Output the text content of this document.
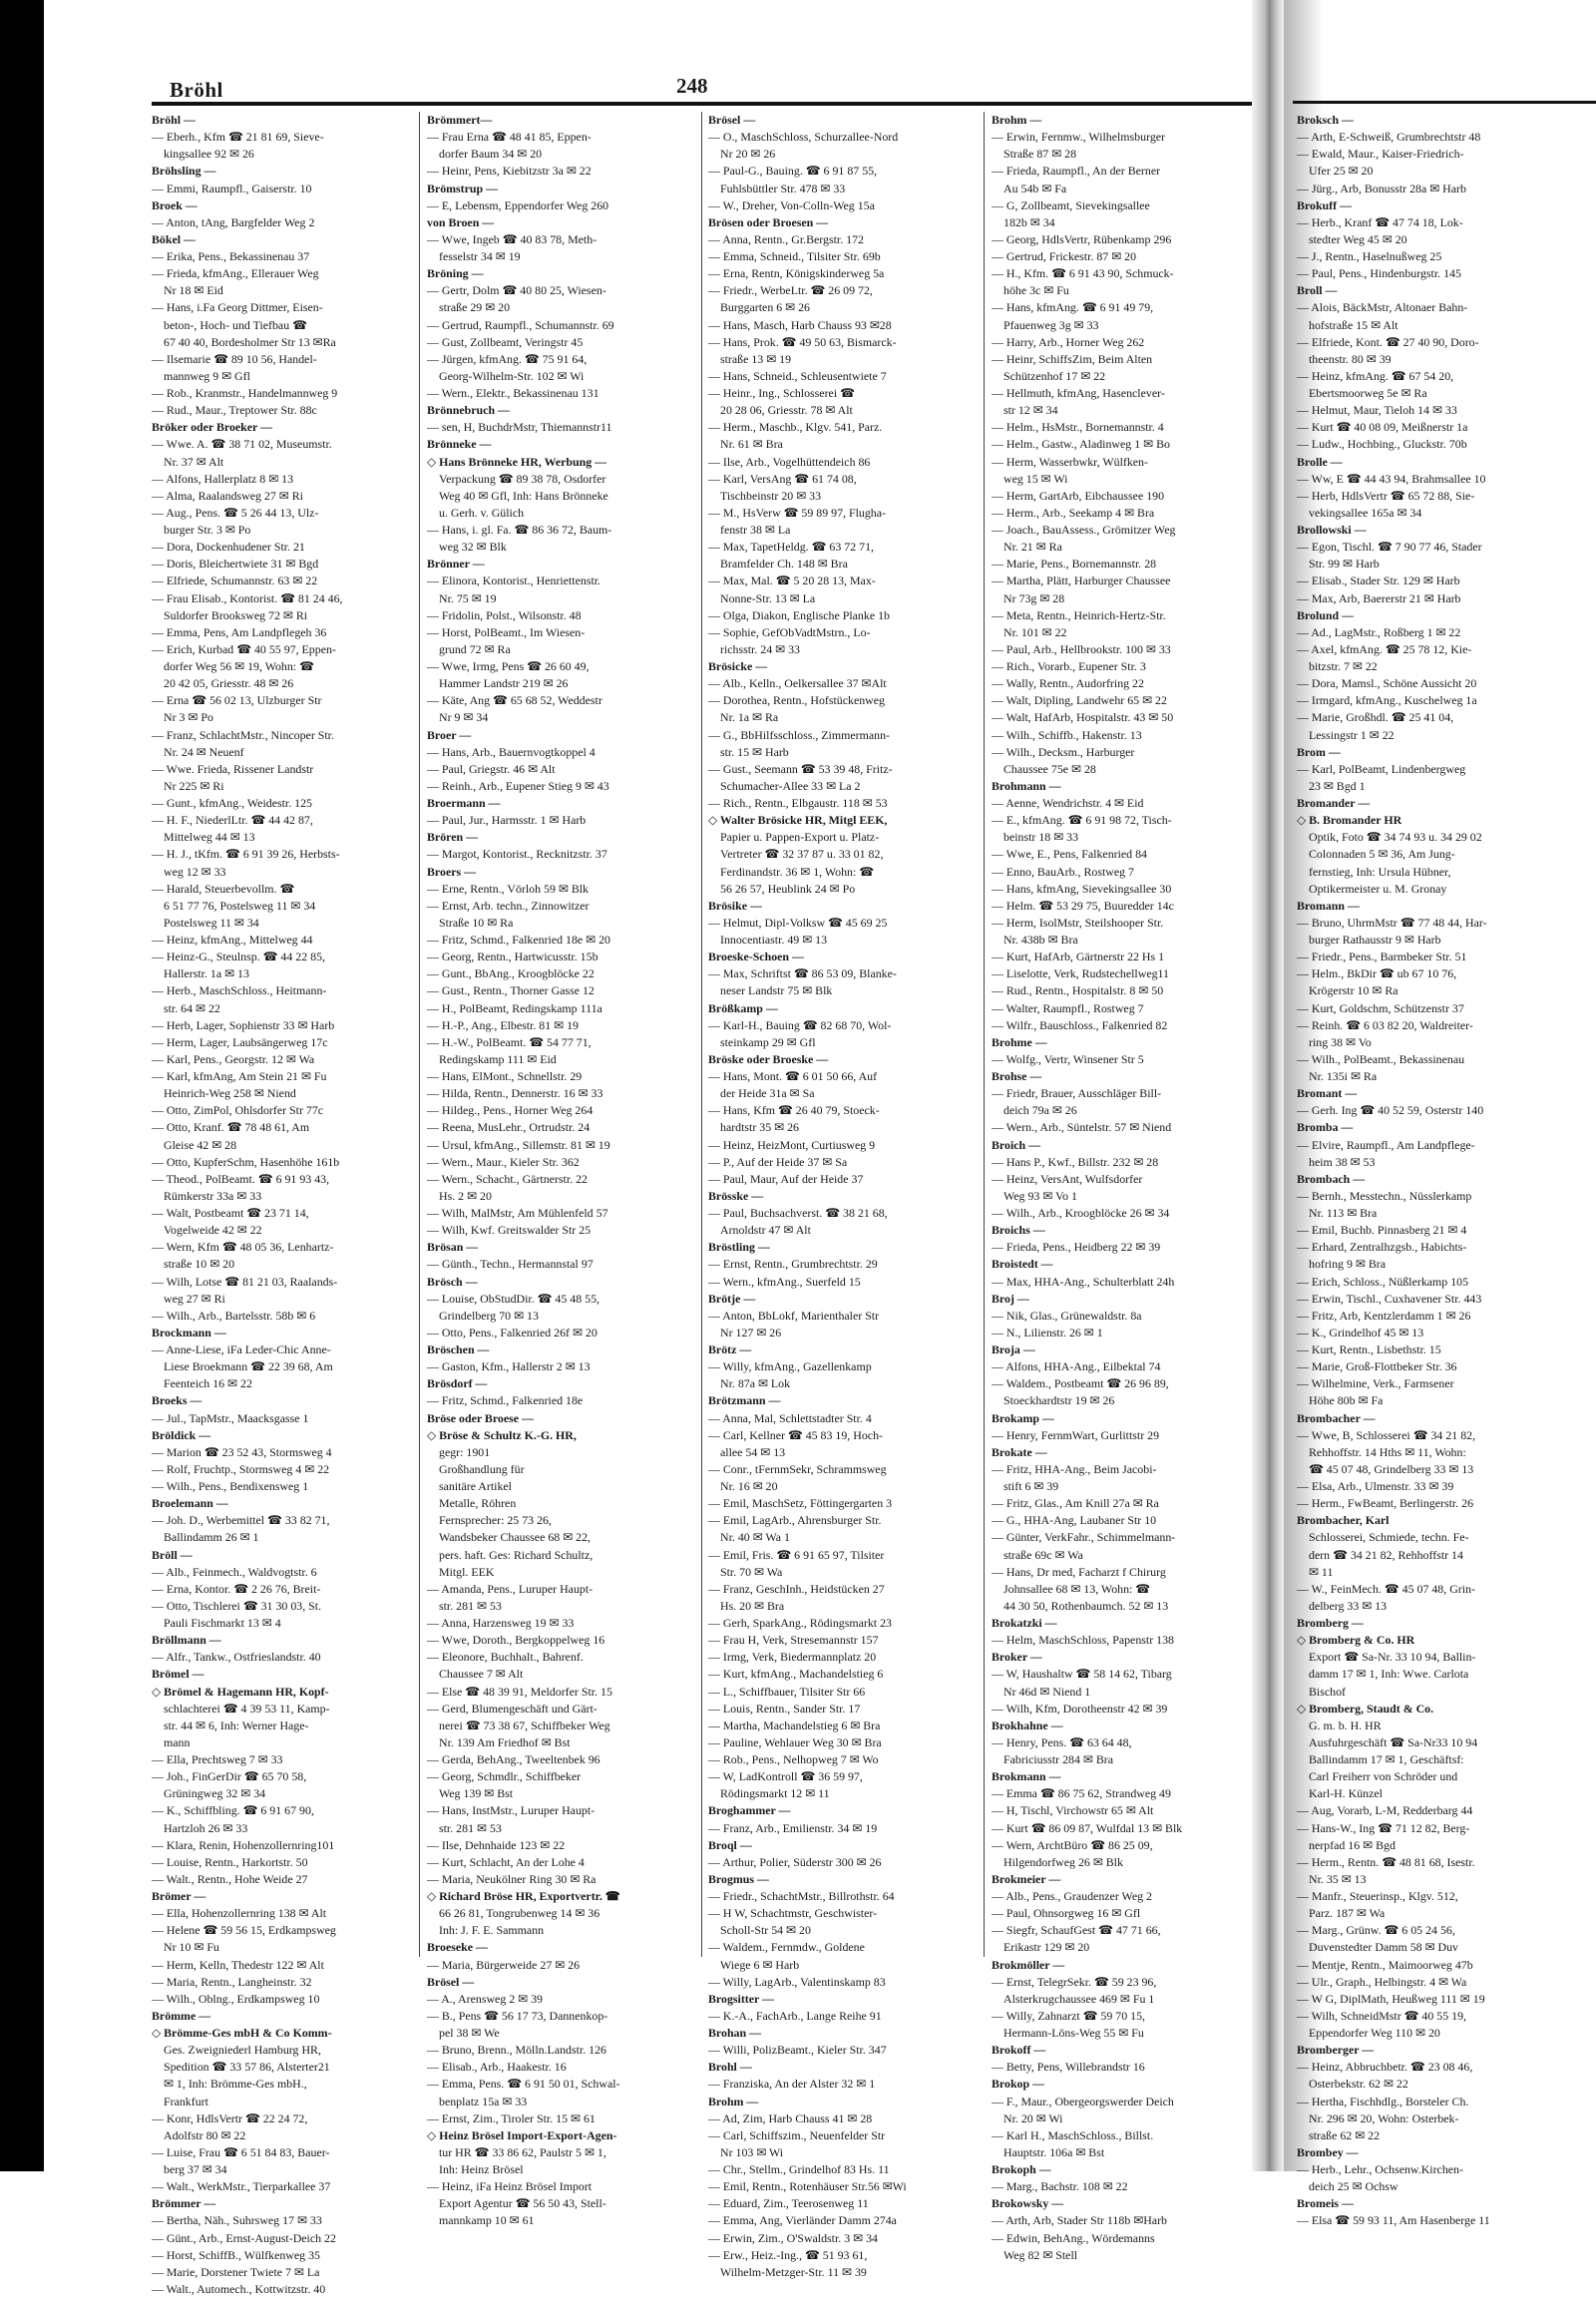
Bröhl	248
Bröhl —
— Eberh., Kfm ☎ 21 81 69, Sieve-
kingsallee 92 ✉ 26
Bröhsling —
— Emmi, Raumpfl., Gaiserstr. 10
Broek —
— Anton, tAng, Bargfelder Weg 2
Bökel —
— Erika, Pens., Bekassinenau 37
— Frieda, kfmAng., Ellerauer Weg
Nr 18 ✉ Eid
— Hans, i.Fa Georg Dittmer, Eisen-
beton-, Hoch- und Tiefbau ☎
67 40 40, Bordesholmer Str 13 ✉Ra
— Ilsemarie ☎ 89 10 56, Handel-
mannweg 9 ✉ Gfl
— Rob., Kranmstr., Handelmannweg 9
— Rud., Maur., Treptower Str. 88c
Bröker oder Broeker —
— Wwe. A. ☎ 38 71 02, Museumstr.
Nr. 37 ✉ Alt
— Alfons, Hallerplatz 8 ✉ 13
— Alma, Raalandsweg 27 ✉ Ri
— Aug., Pens. ☎ 5 26 44 13, Ulz-
burger Str. 3 ✉ Po
— Dora, Dockenhudener Str. 21
— Doris, Bleichertwiete 31 ✉ Bgd
— Elfriede, Schumannstr. 63 ✉ 22
— Frau Elisab., Kontorist. ☎ 81 24 46,
Suldorfer Brooksweg 72 ✉ Ri
— Emma, Pens, Am Landpflegeh 36
— Erich, Kurbad ☎ 40 55 97, Eppen-
dorfer Weg 56 ✉ 19, Wohn: ☎
20 42 05, Griesstr. 48 ✉ 26
— Erna ☎ 56 02 13, Ulzburger Str
Nr 3 ✉ Po
— Franz, SchlachtMstr., Nincoper Str.
Nr. 24 ✉ Neuenf
— Wwe. Frieda, Rissener Landstr
Nr 225 ✉ Ri
— Gunt., kfmAng., Weidestr. 125
— H. F., NiederlLtr. ☎ 44 42 87,
Mittelweg 44 ✉ 13
— H. J., tKfm. ☎ 6 91 39 26, Herbsts-
weg 12 ✉ 33
— Harald, Steuerbevollm. ☎
6 51 77 76, Postelsweg 11 ✉ 34
Postelsweg 11 ✉ 34
— Heinz, kfmAng., Mittelweg 44
— Heinz-G., Steulnsp. ☎ 44 22 85,
Hallerstr. 1a ✉ 13
— Herb., MaschSchloss., Heitmann-
str. 64 ✉ 22
— Herb, Lager, Sophienstr 33 ✉ Harb
— Herm, Lager, Laubsängerweg 17c
— Karl, Pens., Georgstr. 12 ✉ Wa
— Karl, kfmAng, Am Stein 21 ✉ Fu
Heinrich-Weg 258 ✉ Niend
— Otto, ZimPol, Ohlsdorfer Str 77c
— Otto, Kranf. ☎ 78 48 61, Am
Gleise 42 ✉ 28
— Otto, KupferSchm, Hasenhöhe 161b
— Theod., PolBeamt. ☎ 6 91 93 43,
Rümkerstr 33a ✉ 33
— Walt, Postbeamt ☎ 23 71 14,
Vogelweide 42 ✉ 22
— Wern, Kfm ☎ 48 05 36, Lenhartz-
straße 10 ✉ 20
— Wilh, Lotse ☎ 81 21 03, Raalands-
weg 27 ✉ Ri
— Wilh., Arb., Bartelsstr. 58b ✉ 6
Brockmann —
— Anne-Liese, iFa Leder-Chic Anne-
Liese Broekmann ☎ 22 39 68, Am
Feenteich 16 ✉ 22
Broeks —
— Jul., TapMstr., Maacksgasse 1
Bröldick —
— Marion ☎ 23 52 43, Stormsweg 4
— Rolf, Fruchtp., Stormsweg 4 ✉ 22
— Wilh., Pens., Bendixensweg 1
Broelemann —
— Joh. D., Werbemittel ☎ 33 82 71,
Ballindamm 26 ✉ 1
Bröll —
— Alb., Feinmech., Waldvogtstr. 6
— Erna, Kontor. ☎ 2 26 76, Breit-
— Otto, Tischlerei ☎ 31 30 03, St.
Pauli Fischmarkt 13 ✉ 4
Bröllmann —
— Alfr., Tankw., Ostfrieslandstr. 40
Brömel —
◇ Brömel & Hagemann HR, Kopf-
schlachterei ☎ 4 39 53 11, Kamp-
str. 44 ✉ 6, Inh: Werner Hage-
mann
— Ella, Prechtsweg 7 ✉ 33
— Joh., FinGerDir ☎ 65 70 58,
Grüningweg 32 ✉ 34
— K., Schiffbling. ☎ 6 91 67 90,
Hartzloh 26 ✉ 33
— Klara, Renin, Hohenzollernring101
— Louise, Rentn., Harkortstr. 50
— Walt., Rentn., Hohe Weide 27
Brömer —
— Ella, Hohenzollernring 138 ✉ Alt
— Helene ☎ 59 56 15, Erdkampsweg
Nr 10 ✉ Fu
— Herm, Kelln, Thedestr 122 ✉ Alt
— Maria, Rentn., Langheinstr. 32
— Wilh., Oblng., Erdkampsweg 10
Brömme —
◇ Brömme-Ges mbH & Co Komm-
Ges. Zweigniederl Hamburg HR,
Spedition ☎ 33 57 86, Alsterter21
✉ 1, Inh: Brömme-Ges mbH.,
Frankfurt
— Konr, HdlsVertr ☎ 22 24 72,
Adolfstr 80 ✉ 22
— Luise, Frau ☎ 6 51 84 83, Bauer-
berg 37 ✉ 34
— Walt., WerkMstr., Tierparkallee 37
Brömmer —
— Bertha, Näh., Suhrsweg 17 ✉ 33
— Günt., Arb., Ernst-August-Deich 22
— Horst, SchiffB., Wülfkenweg 35
— Marie, Dorstener Twiete 7 ✉ La
— Walt., Automech., Kottwitzstr. 40
Brömmert—
— Frau Erna ☎ 48 41 85, Eppen-
dorfer Baum 34 ✉ 20
— Heinr, Pens, Kiebitzstr 3a ✉ 22
Brömstrup —
— E, Lebensm, Eppendorfer Weg 260
von Broen —
— Wwe, Ingeb ☎ 40 83 78, Meth-
fesselstr 34 ✉ 19
Bröning —
— Gertr, Dolm ☎ 40 80 25, Wiesen-
straße 29 ✉ 20
— Gertrud, Raumpfl., Schumannstr. 69
— Gust, Zollbeamt, Veringstr 45
— Jürgen, kfmAng. ☎ 75 91 64,
Georg-Wilhelm-Str. 102 ✉ Wi
— Wern., Elektr., Bekassinenau 131
Brönnebruch —
— sen, H, BuchdrMstr, Thiemannstr11
Brönneke —
◇ Hans Brönneke HR, Werbung —
Verpackung ☎ 89 38 78, Osdorfer
Weg 40 ✉ Gfl, Inh: Hans Brönneke
u. Gerh. v. Gülich
— Hans, i. gl. Fa. ☎ 86 36 72, Baum-
weg 32 ✉ Blk
Brönner —
— Elinora, Kontorist., Henriettenstr.
Nr. 75 ✉ 19
— Fridolin, Polst., Wilsonstr. 48
— Horst, PolBeamt., Im Wiesen-
grund 72 ✉ Ra
— Wwe, Irmg, Pens ☎ 26 60 49,
Hammer Landstr 219 ✉ 26
— Käte, Ang ☎ 65 68 52, Weddestr
Nr 9 ✉ 34
Broer —
— Hans, Arb., Bauernvogtkoppel 4
— Paul, Griegstr. 46 ✉ Alt
— Reinh., Arb., Eupener Stieg 9 ✉ 43
Broermann —
— Paul, Jur., Harmsstr. 1 ✉ Harb
Brören —
— Margot, Kontorist., Recknitzstr. 37
Broers —
— Erne, Rentn., Vörloh 59 ✉ Blk
— Ernst, Arb. techn., Zinnowitzer
Straße 10 ✉ Ra
— Fritz, Schmd., Falkenried 18e ✉ 20
— Georg, Rentn., Hartwicusstr. 15b
— Gunt., BbAng., Kroogblöcke 22
— Gust., Rentn., Thorner Gasse 12
— H., PolBeamt, Redingskamp 111a
— H.-P., Ang., Elbestr. 81 ✉ 19
— H.-W., PolBeamt. ☎ 54 77 71,
Redingskamp 111 ✉ Eid
— Hans, ElMont., Schnellstr. 29
— Hilda, Rentn., Dennerstr. 16 ✉ 33
— Hildeg., Pens., Horner Weg 264
— Reena, MusLehr., Ortrudstr. 24
— Ursul, kfmAng., Sillemstr. 81 ✉ 19
— Wern., Maur., Kieler Str. 362
— Wern., Schacht., Gärtnerstr. 22
Hs. 2 ✉ 20
— Wilh, MalMstr, Am Mühlenfeld 57
— Wilh, Kwf. Greitswalder Str 25
Brösan —
— Günth., Techn., Hermannstal 97
Brösch —
— Louise, ObStudDir. ☎ 45 48 55,
Grindelberg 70 ✉ 13
— Otto, Pens., Falkenried 26f ✉ 20
Bröschen —
— Gaston, Kfm., Hallerstr 2 ✉ 13
Brösdorf —
— Fritz, Schmd., Falkenried 18e
Bröse oder Broese —
◇ Bröse & Schultz K.-G. HR,
gegr: 1901
Großhandlung für
sanitäre Artikel
Metalle, Röhren
Fernsprecher: 25 73 26,
Wandsbeker Chaussee 68 ✉ 22,
pers. haft. Ges: Richard Schultz,
Mitgl. EEK
— Amanda, Pens., Luruper Haupt-
str. 281 ✉ 53
— Anna, Harzensweg 19 ✉ 33
— Wwe, Doroth., Bergkoppelweg 16
— Eleonore, Buchhalt., Bahrenf.
Chaussee 7 ✉ Alt
— Else ☎ 48 39 91, Meldorfer Str. 15
— Gerd, Blumengeschäft und Gärt-
nerei ☎ 73 38 67, Schiffbeker Weg
Nr. 139 Am Friedhof ✉ Bst
— Gerda, BehAng., Tweeltenbek 96
— Georg, Schmdlr., Schiffbeker
Weg 139 ✉ Bst
— Hans, InstMstr., Luruper Haupt-
str. 281 ✉ 53
— Ilse, Dehnhaide 123 ✉ 22
— Kurt, Schlacht, An der Lohe 4
— Maria, Neukölner Ring 30 ✉ Ra
◇ Richard Bröse HR, Exportvertr. ☎
66 26 81, Tongrubenweg 14 ✉ 36
Inh: J. F. E. Sammann
Broeseke —
— Maria, Bürgerweide 27 ✉ 26
Brösel —
— A., Arensweg 2 ✉ 39
— B., Pens ☎ 56 17 73, Dannenkop-
pel 38 ✉ We
— Bruno, Brenn., Mölln.Landstr. 126
— Elisab., Arb., Haakestr. 16
— Emma, Pens. ☎ 6 91 50 01, Schwal-
benplatz 15a ✉ 33
— Ernst, Zim., Tiroler Str. 15 ✉ 61
◇ Heinz Brösel Import-Export-Agen-
tur HR ☎ 33 86 62, Paulstr 5 ✉ 1,
Inh: Heinz Brösel
— Heinz, iFa Heinz Brösel Import
Export Agentur ☎ 56 50 43, Stell-
mannkamp 10 ✉ 61
Brösel —
— O., MaschSchloss, Schurzallee-Nord
Nr 20 ✉ 26
— Paul-G., Bauing. ☎ 6 91 87 55,
Fuhlsbüttler Str. 478 ✉ 33
— W., Dreher, Von-Colln-Weg 15a
Brösen oder Broesen —
— Anna, Rentn., Gr.Bergstr. 172
— Emma, Schneid., Tilsiter Str. 69b
— Erna, Rentn, Königskinderweg 5a
— Friedr., WerbeLtr. ☎ 26 09 72,
Burggarten 6 ✉ 26
— Hans, Masch, Harb Chauss 93 ✉28
— Hans, Prok. ☎ 49 50 63, Bismarck-
straße 13 ✉ 19
— Hans, Schneid., Schleusentwiete 7
— Heinr., Ing., Schlosserei ☎
20 28 06, Griesstr. 78 ✉ Alt
— Herm., Maschb., Klgv. 541, Parz.
Nr. 61 ✉ Bra
— Ilse, Arb., Vogelhüttendeich 86
— Karl, VersAng ☎ 61 74 08,
Tischbeinstr 20 ✉ 33
— M., HsVerw ☎ 59 89 97, Flugha-
fenstr 38 ✉ La
— Max, TapetHeldg. ☎ 63 72 71,
Bramfelder Ch. 148 ✉ Bra
— Max, Mal. ☎ 5 20 28 13, Max-
Nonne-Str. 13 ✉ La
— Olga, Diakon, Englische Planke 1b
— Sophie, GefObVadtMstrn., Lo-
richsstr. 24 ✉ 33
Brösicke —
— Alb., Kelln., Oelkersallee 37 ✉Alt
— Dorothea, Rentn., Hofstückenweg
Nr. 1a ✉ Ra
— G., BbHilfsschloss., Zimmermann-
str. 15 ✉ Harb
— Gust., Seemann ☎ 53 39 48, Fritz-
Schumacher-Allee 33 ✉ La 2
— Rich., Rentn., Elbgaustr. 118 ✉ 53
◇ Walter Brösicke HR, Mitgl EEK,
Papier u. Pappen-Export u. Platz-
Vertreter ☎ 32 37 87 u. 33 01 82,
Ferdinandstr. 36 ✉ 1, Wohn: ☎
56 26 57, Heublink 24 ✉ Po
Brösike —
— Helmut, Dipl-Volksw ☎ 45 69 25
Innocentiastr. 49 ✉ 13
Broeske-Schoen —
— Max, Schriftst ☎ 86 53 09, Blanke-
neser Landstr 75 ✉ Blk
Brößkamp —
— Karl-H., Bauing ☎ 82 68 70, Wol-
steinkamp 29 ✉ Gfl
Bröske oder Broeske —
— Hans, Mont. ☎ 6 01 50 66, Auf
der Heide 31a ✉ Sa
— Hans, Kfm ☎ 26 40 79, Stoeck-
hardtstr 35 ✉ 26
— Heinz, HeizMont, Curtiusweg 9
— P., Auf der Heide 37 ✉ Sa
— Paul, Maur, Auf der Heide 37
Brösske —
— Paul, Buchsachverst. ☎ 38 21 68,
Arnoldstr 47 ✉ Alt
Bröstling —
— Ernst, Rentn., Grumbrechtstr. 29
— Wern., kfmAng., Suerfeld 15
Brötje —
— Anton, BbLokf, Marienthaler Str
Nr 127 ✉ 26
Brötz —
— Willy, kfmAng., Gazellenkamp
Nr. 87a ✉ Lok
Brötzmann —
— Anna, Mal, Schlettstadter Str. 4
— Carl, Kellner ☎ 45 83 19, Hoch-
allee 54 ✉ 13
— Conr., tFernmSekr, Schrammsweg
Nr. 16 ✉ 20
— Emil, MaschSetz, Föttingergarten 3
— Emil, LagArb., Ahrensburger Str.
Nr. 40 ✉ Wa 1
— Emil, Fris. ☎ 6 91 65 97, Tilsiter
Str. 70 ✉ Wa
— Franz, GeschInh., Heidstücken 27
Hs. 20 ✉ Bra
— Gerh, SparkAng., Rödingsmarkt 23
— Frau H, Verk, Stresemannstr 157
— Irmg, Verk, Biedermannplatz 20
— Kurt, kfmAng., Machandelstieg 6
— L., Schiffbauer, Tilsiter Str 66
— Louis, Rentn., Sander Str. 17
— Martha, Machandelstieg 6 ✉ Bra
— Pauline, Wehlauer Weg 30 ✉ Bra
— Rob., Pens., Nelhopweg 7 ✉ Wo
— W, LadKontroll ☎ 36 59 97,
Rödingsmarkt 12 ✉ 11
Broghammer —
— Franz, Arb., Emilienstr. 34 ✉ 19
Broql —
— Arthur, Polier, Süderstr 300 ✉ 26
Brogmus —
— Friedr., SchachtMstr., Billrothstr. 64
— H W, Schachtmstr, Geschwister-
Scholl-Str 54 ✉ 20
— Waldem., Fernmdw., Goldene
Wiege 6 ✉ Harb
— Willy, LagArb., Valentinskamp 83
Brogsitter —
— K.-A., FachArb., Lange Reihe 91
Brohan —
— Willi, PolizBeamt., Kieler Str. 347
Brohl —
— Franziska, An der Alster 32 ✉ 1
Brohm —
— Ad, Zim, Harb Chauss 41 ✉ 28
— Carl, Schiffszim., Neuenfelder Str
Nr 103 ✉ Wi
— Chr., Stellm., Grindelhof 83 Hs. 11
— Emil, Rentn., Rotenhäuser Str.56 ✉Wi
— Eduard, Zim., Teerosenweg 11
— Emma, Ang, Vierländer Damm 274a
— Erwin, Zim., O'Swaldstr. 3 ✉ 34
— Erw., Heiz.-Ing., ☎ 51 93 61,
Wilhelm-Metzger-Str. 11 ✉ 39
Brohm —
— Erwin, Fernmw., Wilhelmsburger
Straße 87 ✉ 28
— Frieda, Raumpfl., An der Berner
Au 54b ✉ Fa
— G, Zollbeamt, Sievekingsallee
182b ✉ 34
— Georg, HdlsVertr, Rübenkamp 296
— Gertrud, Frickestr. 87 ✉ 20
— H., Kfm. ☎ 6 91 43 90, Schmuck-
höhe 3c ✉ Fu
— Hans, kfmAng. ☎ 6 91 49 79,
Pfauenweg 3g ✉ 33
— Harry, Arb., Horner Weg 262
— Heinr, SchiffsZim, Beim Alten
Schützenhof 17 ✉ 22
— Hellmuth, kfmAng, Hasenclever-
str 12 ✉ 34
— Helm., HsMstr., Bornemannstr. 4
— Helm., Gastw., Aladinweg 1 ✉ Bo
— Herm, Wasserbwkr, Wülfken-
weg 15 ✉ Wi
— Herm, GartArb, Eibchaussee 190
— Herm., Arb., Seekamp 4 ✉ Bra
— Joach., BauAssess., Grömitzer Weg
Nr. 21 ✉ Ra
— Marie, Pens., Bornemannstr. 28
— Martha, Plätt, Harburger Chaussee
Nr 73g ✉ 28
— Meta, Rentn., Heinrich-Hertz-Str.
Nr. 101 ✉ 22
— Paul, Arb., Hellbrookstr. 100 ✉ 33
— Rich., Vorarb., Eupener Str. 3
— Wally, Rentn., Audorfring 22
— Walt, Dipling, Landwehr 65 ✉ 22
— Walt, HafArb, Hospitalstr. 43 ✉ 50
— Wilh., Schiffb., Hakenstr. 13
— Wilh., Decksm., Harburger
Chaussee 75e ✉ 28
Brohmann —
— Aenne, Wendrichstr. 4 ✉ Eid
— E., kfmAng. ☎ 6 91 98 72, Tisch-
beinstr 18 ✉ 33
— Wwe, E., Pens, Falkenried 84
— Enno, BauArb., Rostweg 7
— Hans, kfmAng, Sievekingsallee 30
— Helm. ☎ 53 29 75, Buuredder 14c
— Herm, IsolMstr, Steilshooper Str.
Nr. 438b ✉ Bra
— Kurt, HafArb, Gärtnerstr 22 Hs 1
— Liselotte, Verk, Rudstechellweg11
— Rud., Rentn., Hospitalstr. 8 ✉ 50
— Walter, Raumpfl., Rostweg 7
— Wilfr., Bauschloss., Falkenried 82
Brohme —
— Wolfg., Vertr, Winsener Str 5
Brohse —
— Friedr, Brauer, Ausschläger Bill-
deich 79a ✉ 26
— Wern., Arb., Süntelstr. 57 ✉ Niend
Broich —
— Hans P., Kwf., Billstr. 232 ✉ 28
— Heinz, VersAnt, Wulfsdorfer
Weg 93 ✉ Vo 1
— Wilh., Arb., Kroogblöcke 26 ✉ 34
Broichs —
— Frieda, Pens., Heidberg 22 ✉ 39
Broistedt —
— Max, HHA-Ang., Schulterblatt 24h
Broj —
— Nik, Glas., Grünewaldstr. 8a
— N., Lilienstr. 26 ✉ 1
Broja —
— Alfons, HHA-Ang., Eilbektal 74
— Waldem., Postbeamt ☎ 26 96 89,
Stoeckhardtstr 19 ✉ 26
Brokamp —
— Henry, FernmWart, Gurlittstr 29
Brokate —
— Fritz, HHA-Ang., Beim Jacobi-
stift 6 ✉ 39
— Fritz, Glas., Am Knill 27a ✉ Ra
— G., HHA-Ang, Laubaner Str 10
— Günter, VerkFahr., Schimmelmann-
straße 69c ✉ Wa
— Hans, Dr med, Facharzt f Chirurg
Johnsallee 68 ✉ 13, Wohn: ☎
44 30 50, Rothenbaumch. 52 ✉ 13
Brokatzki —
— Helm, MaschSchloss, Papenstr 138
Broker —
— W, Haushaltw ☎ 58 14 62, Tibarg
Nr 46d ✉ Niend 1
— Wilh, Kfm, Dorotheenstr 42 ✉ 39
Brokhahne —
— Henry, Pens. ☎ 63 64 48,
Fabriciusstr 284 ✉ Bra
Brokmann —
— Emma ☎ 86 75 62, Strandweg 49
— H, Tischl, Virchowstr 65 ✉ Alt
— Kurt ☎ 86 09 87, Wulfdal 13 ✉ Blk
— Wern, ArchtBüro ☎ 86 25 09,
Hilgendorfweg 26 ✉ Blk
Brokmeier —
— Alb., Pens., Graudenzer Weg 2
— Paul, Ohnsorgweg 16 ✉ Gfl
— Siegfr, SchaufGest ☎ 47 71 66,
Erikastr 129 ✉ 20
Brokmöller —
— Ernst, TelegrSekr. ☎ 59 23 96,
Alsterkrugchaussee 469 ✉ Fu 1
— Willy, Zahnarzt ☎ 59 70 15,
Hermann-Löns-Weg 55 ✉ Fu
Brokoff —
— Betty, Pens, Willebrandstr 16
Brokop —
— F., Maur., Obergeorgswerder Deich
Nr. 20 ✉ Wi
— Karl H., MaschSchloss., Billst.
Hauptstr. 106a ✉ Bst
Brokoph —
— Marg., Bachstr. 108 ✉ 22
Brokowsky —
— Arth, Arb, Stader Str 118b ✉Harb
— Edwin, BehAng., Wördemanns
Weg 82 ✉ Stell
Broksch —
— Arth, E-Schweiß, Grumbrechtstr 48
— Ewald, Maur., Kaiser-Friedrich-
Ufer 25 ✉ 20
— Jürg., Arb, Bonusstr 28a ✉ Harb
Brokuff —
— Herb., Kranf ☎ 47 74 18, Lok-
stedter Weg 45 ✉ 20
— J., Rentn., Haselnußweg 25
— Paul, Pens., Hindenburgstr. 145
Broll —
— Alois, BäckMstr, Altonaer Bahn-
hofstraße 15 ✉ Alt
— Elfriede, Kont. ☎ 27 40 90, Doro-
theenstr. 80 ✉ 39
— Heinz, kfmAng. ☎ 67 54 20,
Ebertsmoorweg 5e ✉ Ra
— Helmut, Maur, Tieloh 14 ✉ 33
— Kurt ☎ 40 08 09, Meißnerstr 1a
— Ludw., Hochbing., Gluckstr. 70b
Brolle —
— Ww, E ☎ 44 43 94, Brahmsallee 10
— Herb, HdlsVertr ☎ 65 72 88, Sie-
vekingsallee 165a ✉ 34
Brollowski —
— Egon, Tischl. ☎ 7 90 77 46, Stader
Str. 99 ✉ Harb
— Elisab., Stader Str. 129 ✉ Harb
— Max, Arb, Baererstr 21 ✉ Harb
Brolund —
— Ad., LagMstr., Roßberg 1 ✉ 22
— Axel, kfmAng. ☎ 25 78 12, Kie-
bitzstr. 7 ✉ 22
— Dora, Mamsl., Schöne Aussicht 20
— Irmgard, kfmAng., Kuschelweg 1a
— Marie, Großhdl. ☎ 25 41 04,
Lessingstr 1 ✉ 22
Brom —
— Karl, PolBeamt, Lindenbergweg
23 ✉ Bgd 1
Bromander —
◇ B. Bromander HR
Optik, Foto ☎ 34 74 93 u. 34 29 02
Colonnaden 5 ✉ 36, Am Jung-
fernstieg, Inh: Ursula Hübner,
Optikermeister u. M. Gronay
Bromann —
— Bruno, UhrmMstr ☎ 77 48 44, Har-
burger Rathausstr 9 ✉ Harb
— Friedr., Pens., Barmbeker Str. 51
— Helm., BkDir ☎ ub 67 10 76,
Krögerstr 10 ✉ Ra
— Kurt, Goldschm, Schützenstr 37
— Reinh. ☎ 6 03 82 20, Waldreiter-
ring 38 ✉ Vo
— Wilh., PolBeamt., Bekassinenau
Nr. 135i ✉ Ra
Bromant —
— Gerh. Ing ☎ 40 52 59, Osterstr 140
Bromba —
— Elvire, Raumpfl., Am Landpflege-
heim 38 ✉ 53
Brombach —
— Bernh., Messtechn., Nüsslerkamp
Nr. 113 ✉ Bra
— Emil, Buchb. Pinnasberg 21 ✉ 4
— Erhard, Zentralhzgsb., Habichts-
hofring 9 ✉ Bra
— Erich, Schloss., Nüßlerkamp 105
— Erwin, Tischl., Cuxhavener Str. 443
— Fritz, Arb, Kentzlerdamm 1 ✉ 26
— K., Grindelhof 45 ✉ 13
— Kurt, Rentn., Lisbethstr. 15
— Marie, Groß-Flottbeker Str. 36
— Wilhelmine, Verk., Farmsener
Höhe 80b ✉ Fa
Brombacher —
— Wwe, B, Schlosserei ☎ 34 21 82,
Rehhoffstr. 14 Hths ✉ 11, Wohn:
☎ 45 07 48, Grindelberg 33 ✉ 13
— Elsa, Arb., Ulmenstr. 33 ✉ 39
— Herm., FwBeamt, Berlingerstr. 26
Brombacher, Karl
Schlosserei, Schmiede, techn. Fe-
dern ☎ 34 21 82, Rehhoffstr 14
✉ 11
— W., FeinMech. ☎ 45 07 48, Grin-
delberg 33 ✉ 13
Bromberg —
◇ Bromberg & Co. HR
Export ☎ Sa-Nr. 33 10 94, Ballin-
damm 17 ✉ 1, Inh: Wwe. Carlota
Bischof
◇ Bromberg, Staudt & Co.
G. m. b. H. HR
Ausfuhrgeschäft ☎ Sa-Nr33 10 94
Ballindamm 17 ✉ 1, Geschäftsf:
Carl Freiherr von Schröder und
Karl-H. Künzel
— Aug, Vorarb, L-M, Redderbarg 44
— Hans-W., Ing ☎ 71 12 82, Berg-
nerpfad 16 ✉ Bgd
— Herm., Rentn. ☎ 48 81 68, Isestr.
Nr. 35 ✉ 13
— Manfr., Steuerinsp., Klgv. 512,
Parz. 187 ✉ Wa
— Marg., Grünw. ☎ 6 05 24 56,
Duvenstedter Damm 58 ✉ Duv
— Mentje, Rentn., Maimoorweg 47b
— Ulr., Graph., Helbingstr. 4 ✉ Wa
— W G, DiplMath, Heußweg 111 ✉ 19
— Wilh, SchneidMstr ☎ 40 55 19,
Eppendorfer Weg 110 ✉ 20
Bromberger —
— Heinz, Abbruchbetr. ☎ 23 08 46,
Osterbekstr. 62 ✉ 22
— Hertha, Fischhdlg., Borsteler Ch.
Nr. 296 ✉ 20, Wohn: Osterbek-
straße 62 ✉ 22
Brombey —
— Herb., Lehr., Ochsenw.Kirchen-
deich 25 ✉ Ochsw
Bromeis —
— Elsa ☎ 59 93 11, Am Hasenberge 11
